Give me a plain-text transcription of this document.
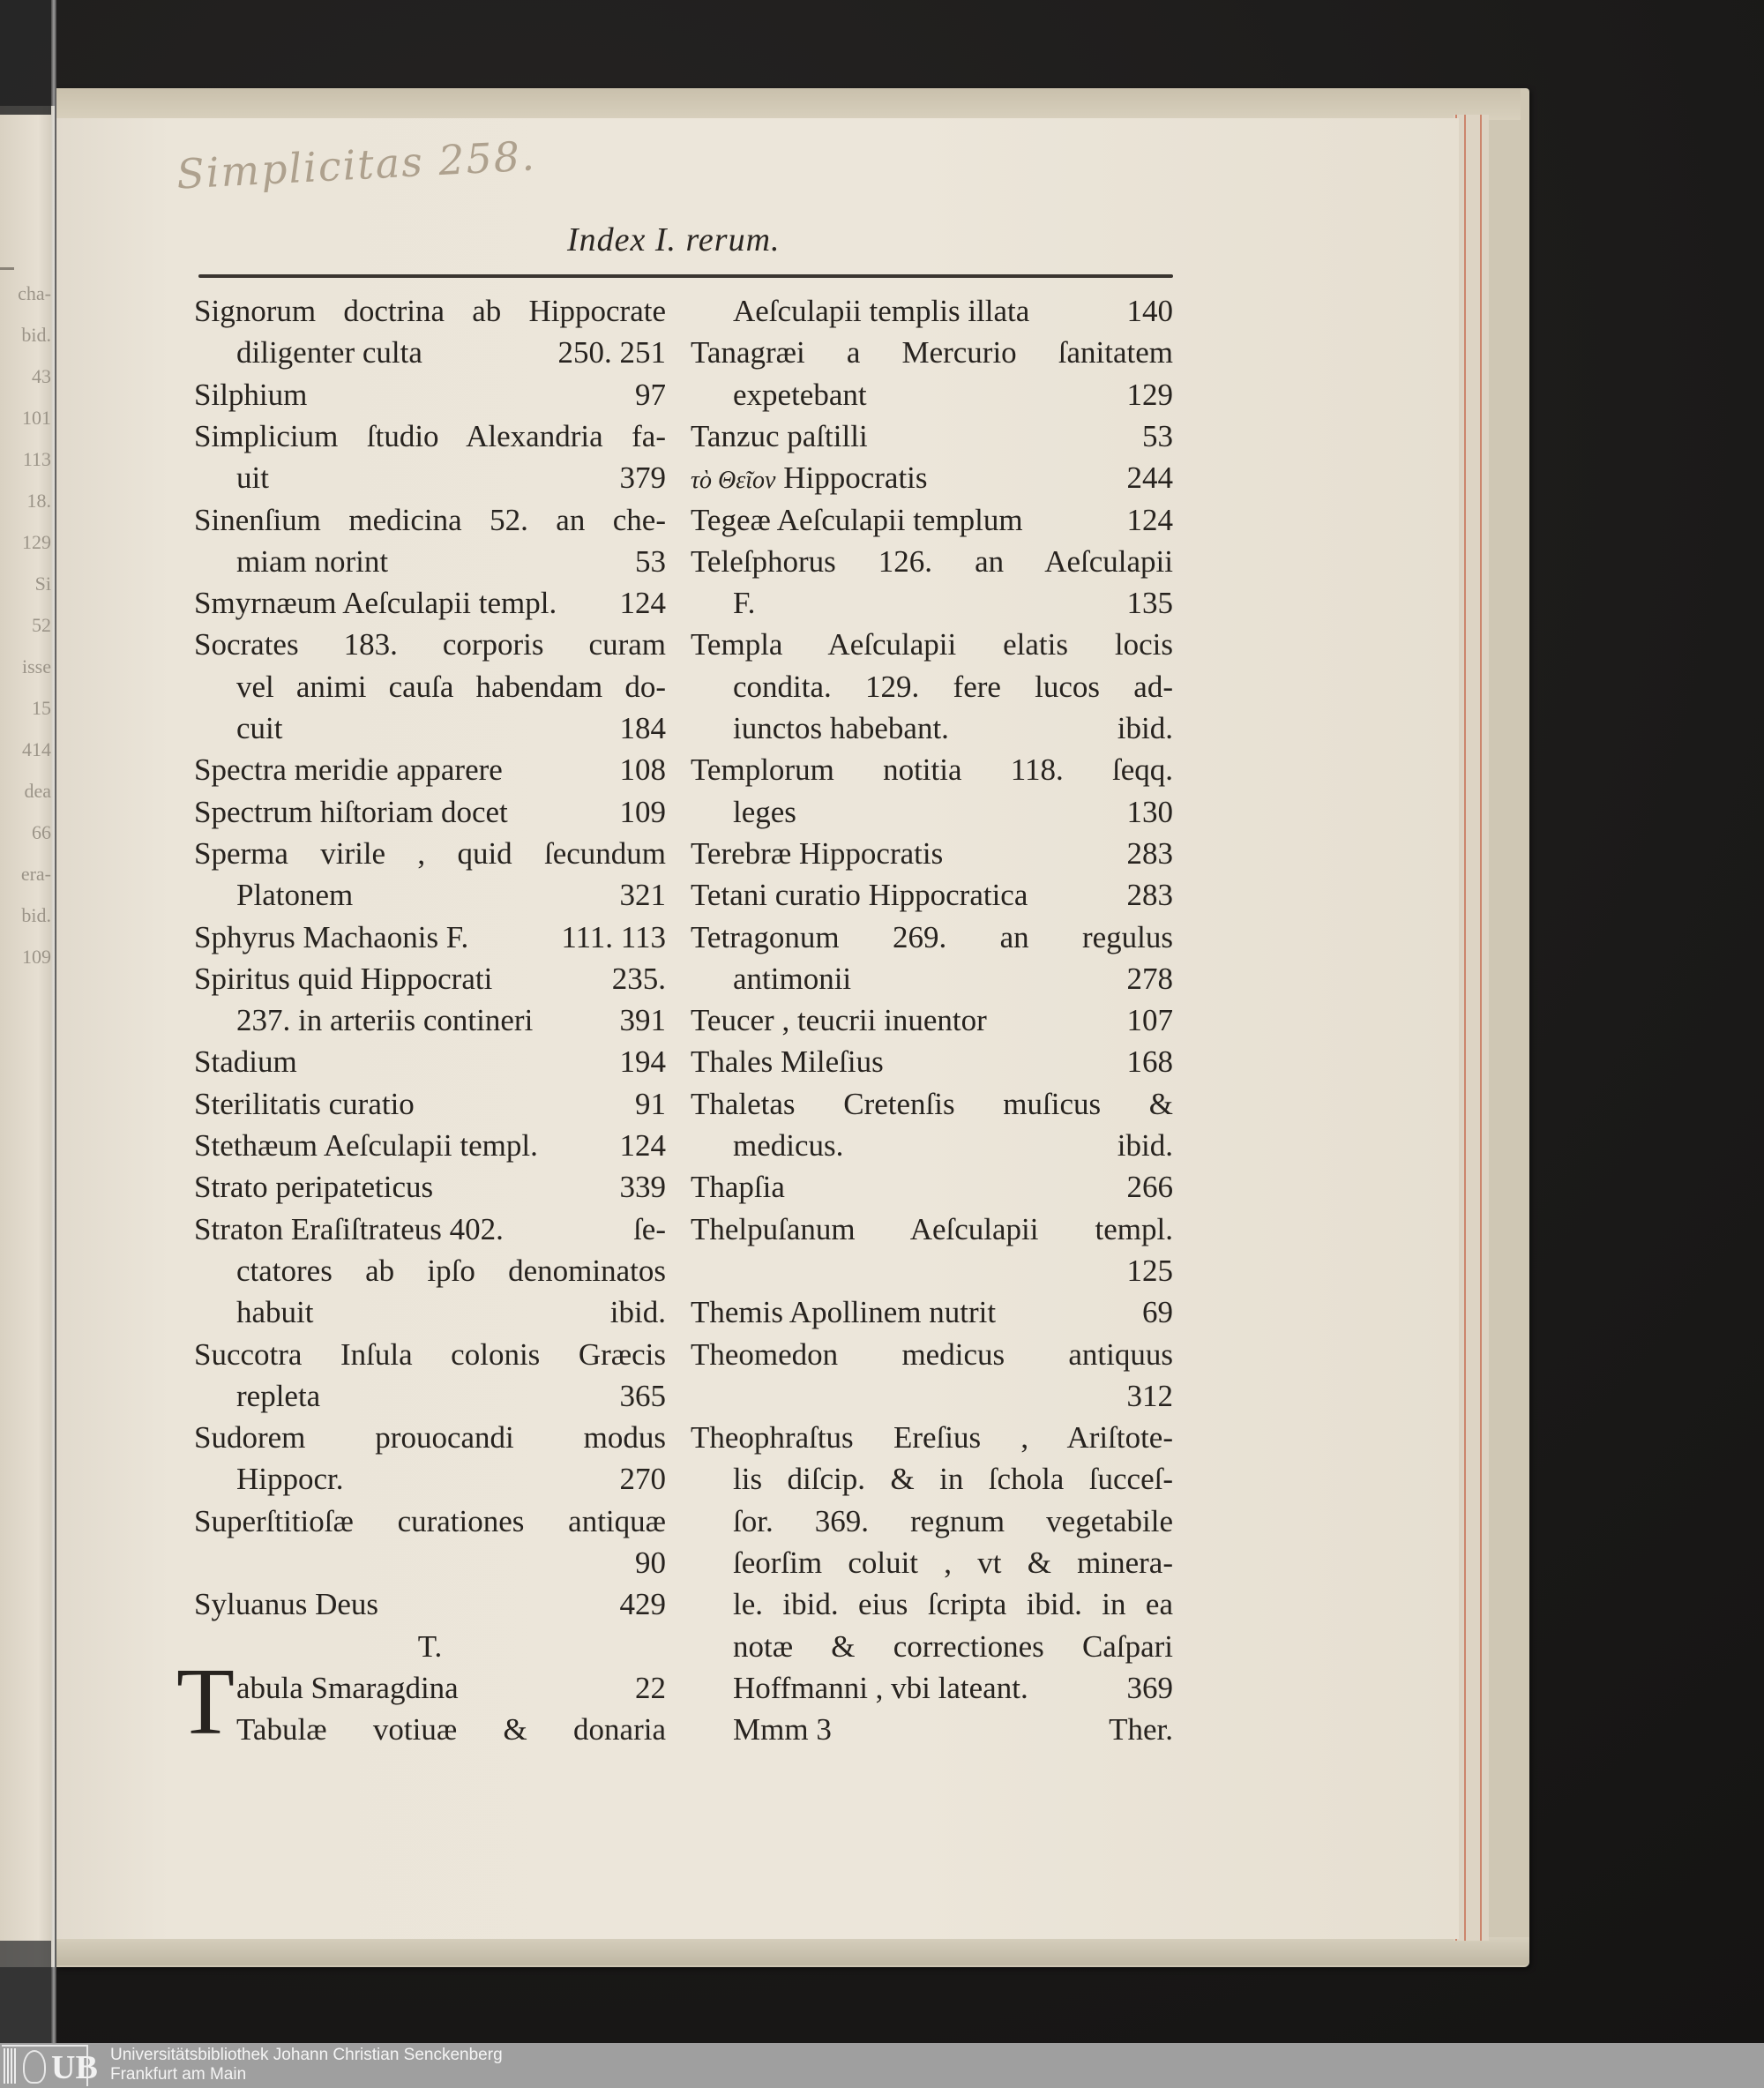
cha-
bid.
43
101
113
18.
129
Si
52
isse
15
414
dea
66
era-
bid.
109
Simplicitas 258.
Index I. rerum.
Signorum doctrina ab Hippocrate
diligenter culta	250. 251
Silphium	97
Simplicium ſtudio Alexandria fa-
uit	379
Sinenſium medicina 52. an che-
miam norint	53
Smyrnæum Aeſculapii templ. 124
Socrates 183. corporis curam
vel animi cauſa habendam do-
cuit	184
Spectra meridie apparere	108
Spectrum hiſtoriam docet	109
Sperma virile , quid ſecundum
Platonem	321
Sphyrus Machaonis F.	111. 113
Spiritus quid Hippocrati	235.
237. in arteriis contineri	391
Stadium	194
Sterilitatis curatio	91
Stethæum Aeſculapii templ.	124
Strato peripateticus	339
Straton Eraſiſtrateus 402.	ſe-
ctatores ab ipſo denominatos
habuit	ibid.
Succotra Inſula colonis Græcis
repleta	365
Sudorem prouocandi modus
Hippocr.	270
Superſtitioſæ curationes antiquæ
90
Syluanus Deus	429
T.
abula Smaragdina	22
Tabulæ votiuæ & donaria
Aeſculapii templis illata	140
Tanagræi a Mercurio ſanitatem
expetebant	129
Tanzuc paſtilli	53
τὸ Θεῖον Hippocratis	244
Tegeæ Aeſculapii templum	124
Teleſphorus 126. an Aeſculapii
F.	135
Templa Aeſculapii elatis locis
condita. 129. fere lucos ad-
iunctos habebant.	ibid.
Templorum notitia 118. ſeqq.
leges	130
Terebræ Hippocratis	283
Tetani curatio Hippocratica	283
Tetragonum 269. an regulus
antimonii	278
Teucer , teucrii inuentor	107
Thales Mileſius	168
Thaletas Cretenſis muſicus &
medicus.	ibid.
Thapſia	266
Thelpuſanum Aeſculapii templ.
125
Themis Apollinem nutrit	69
Theomedon medicus antiquus
312
Theophraſtus Ereſius , Ariſtote-
lis diſcip. & in ſchola ſucceſ-
ſor. 369. regnum vegetabile
ſeorſim coluit , vt & minera-
le. ibid. eius ſcripta ibid. in ea
notæ & correctiones Caſpari
Hoffmanni , vbi lateant.	369
Mmm 3	Ther.
T
UB Universitätsbibliothek Johann Christian Senckenberg
Frankfurt am Main
